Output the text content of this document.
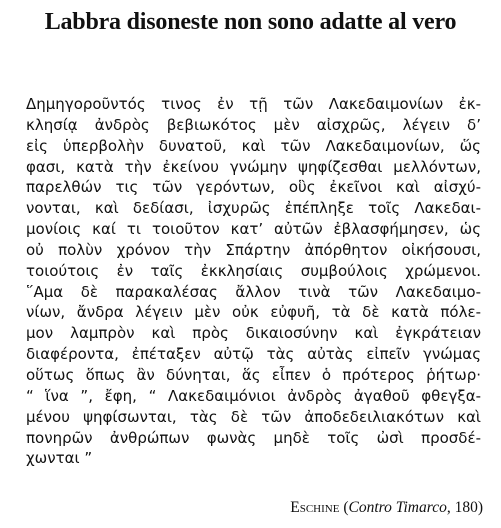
Labbra disoneste non sono adatte al vero
Δημηγοροῦντός τινος ἐν τῇ τῶν Λακεδαιμονίων ἐκ-
κλησίᾳ ἀνδρὸς βεβιωκότος μὲν αἰσχρῶς, λέγειν δ’
εἰς ὑπερβολὴν δυνατοῦ, καὶ τῶν Λακεδαιμονίων, ὥς
φασι, κατὰ τὴν ἐκείνου γνώμην ψηφίζεσθαι μελλόντων,
παρελθών τις τῶν γερόντων, οὓς ἐκεῖνοι καὶ αἰσχύ-
νονται, καὶ δεδίασι, ἰσχυρῶς ἐπέπληξε τοῖς Λακεδαι-
μονίοις καί τι τοιοῦτον κατ’ αὐτῶν ἐβλασφήμησεν, ὡς
οὐ πολὺν χρόνον τὴν Σπάρτην ἀπόρθητον οἰκήσουσι,
τοιούτοις ἐν ταῖς ἐκκλησίαις συμβούλοις χρώμενοι.
῞Αμα δὲ παρακαλέσας ἄλλον τινὰ τῶν Λακεδαιμο-
νίων, ἄνδρα λέγειν μὲν οὐκ εὐφυῆ, τὰ δὲ κατὰ πόλε-
μον λαμπρὸν καὶ πρὸς δικαιοσύνην καὶ ἐγκράτειαν
διαφέροντα, ἐπέταξεν αὐτῷ τὰς αὐτὰς εἰπεῖν γνώμας
οὕτως ὅπως ἂν δύνηται, ἅς εἶπεν ὁ πρότερος ῥήτωρ·
“ ἵνα ”, ἔφη, “ Λακεδαιμόνιοι ἀνδρὸς ἀγαθοῦ φθεγξα-
μένου ψηφίσωνται, τὰς δὲ τῶν ἀποδεδειλιακότων καὶ
πονηρῶν ἀνθρώπων φωνὰς μηδὲ τοῖς ὠσὶ προσδέ-
χωνται ”
Eschine (Contro Timarco, 180)
